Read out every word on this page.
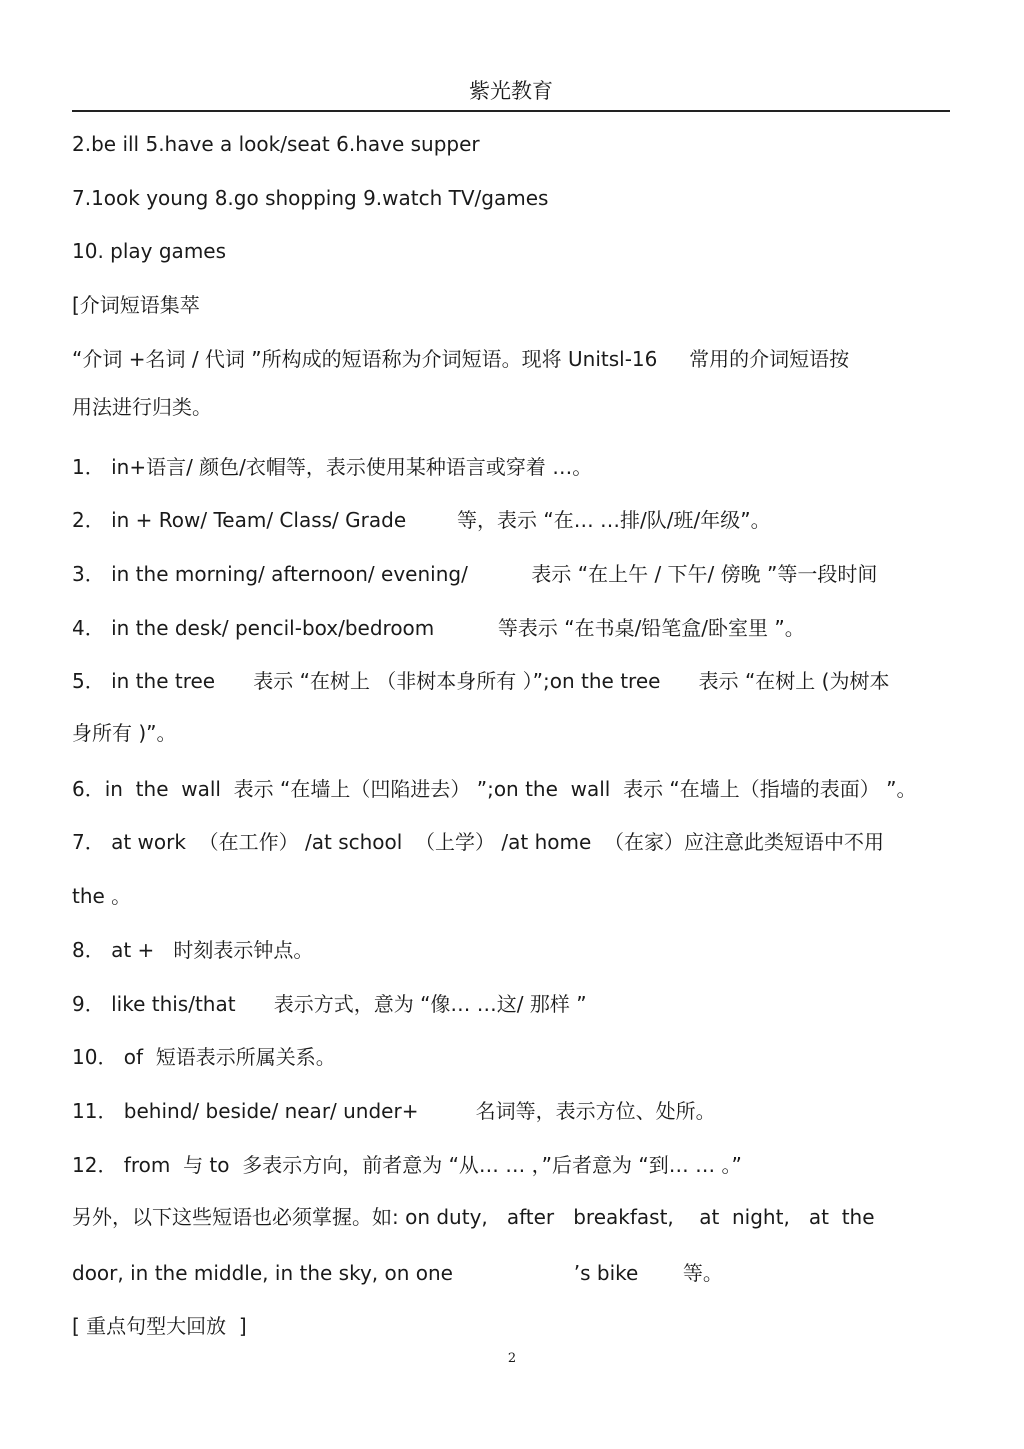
紫光教育
2.be ill 5.have a look/seat 6.have supper
7.1ook young 8.go shopping 9.watch TV/games
10. play games
[介词短语集萃
“介词 +名词 / 代词 ”所构成的短语称为介词短语。现将 Unitsl-16     常用的介词短语按
用法进行归类。
1． in+语言/ 颜色/衣帽等，表示使用某种语言或穿着 …。
2． in + Row/ Team/ Class/ Grade        等，表示 “在… …排/队/班/年级”。
3． in the morning/ afternoon/ evening/          表示 “在上午 / 下午/ 傍晚 ”等一段时间
4． in the desk/ pencil-box/bedroom          等表示 “在书桌/铅笔盒/卧室里 ”。
5． in the tree      表示 “在树上 （非树本身所有 ）”;on the tree      表示 “在树上 (为树本
身所有 )”。
6．in  the  wall  表示 “在墙上（凹陷进去） ”;on the  wall  表示 “在墙上（指墙的表面） ”。
7． at work  （在工作） /at school  （上学） /at home  （在家）应注意此类短语中不用
the 。
8． at +   时刻表示钟点。
9． like this/that      表示方式，意为 “像… …这/ 那样 ”
10． of  短语表示所属关系。
11． behind/ beside/ near/ under+         名词等，表示方位、处所。
12． from  与 to  多表示方向，前者意为 “从… … ，”后者意为 “到… … 。”
另外，以下这些短语也必须掌握。如: on duty,   after   breakfast,    at  night,   at  the
door, in the middle, in the sky, on one                   ’s bike       等。
[ 重点句型大回放  ]
2
